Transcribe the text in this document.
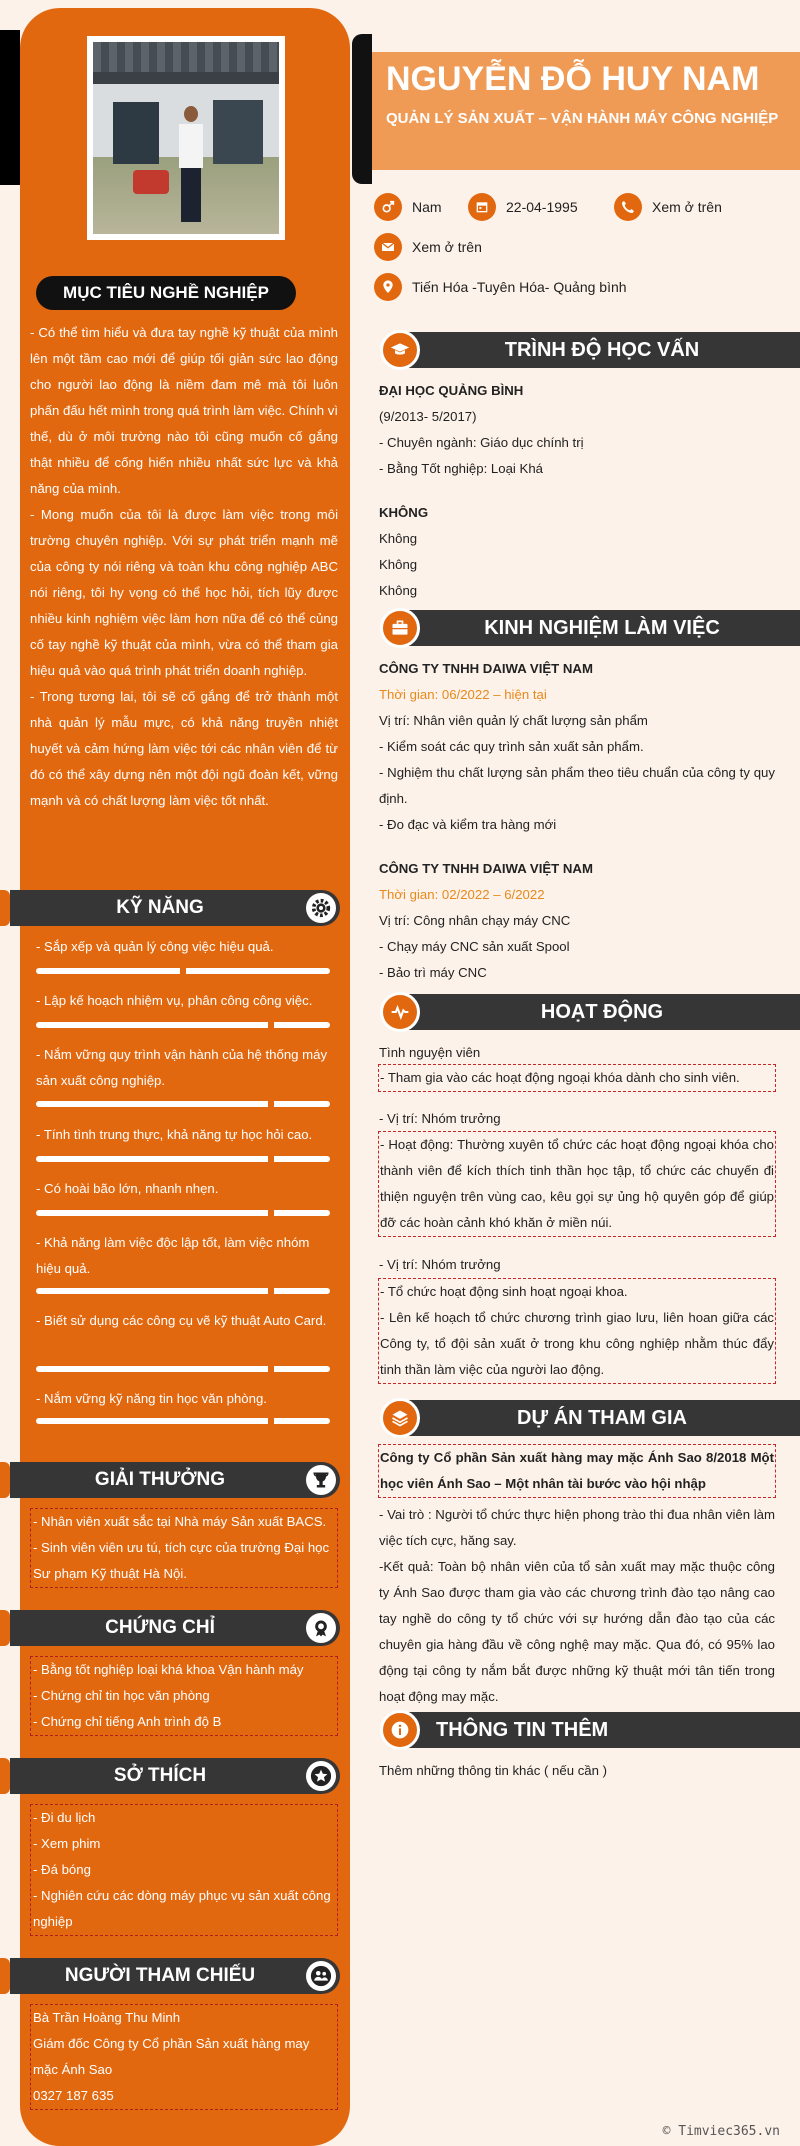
MỤC TIÊU NGHỀ NGHIỆP

- Có thể tìm hiểu và đưa tay nghề kỹ thuật của mình lên một tầm cao mới để giúp tối giản sức lao động cho người lao động là niềm đam mê mà tôi luôn phấn đấu hết mình trong quá trình làm việc. Chính vì thế, dù ở môi trường nào tôi cũng muốn cố gắng thật nhiều để cống hiến nhiều nhất sức lực và khả năng của mình.

- Mong muốn của tôi là được làm việc trong môi trường chuyên nghiệp. Với sự phát triển mạnh mẽ của công ty nói riêng và toàn khu công nghiệp ABC nói riêng, tôi hy vọng có thể học hỏi, tích lũy được nhiều kinh nghiệm việc làm hơn nữa để có thể củng cố tay nghề kỹ thuật của mình, vừa có thể tham gia hiệu quả vào quá trình phát triển doanh nghiệp.

- Trong tương lai, tôi sẽ cố gắng để trở thành một nhà quản lý mẫu mực, có khả năng truyền nhiệt huyết và cảm hứng làm việc tới các nhân viên để từ đó có thể xây dựng nên một đội ngũ đoàn kết, vững mạnh và có chất lượng làm việc tốt nhất.

KỸ NĂNG
- Sắp xếp và quản lý công việc hiệu quả.
- Lập kế hoạch nhiệm vụ, phân công công việc.
- Nắm vững quy trình vận hành của hệ thống máy sản xuất công nghiệp.
- Tính tình trung thực, khả năng tự học hỏi cao.
- Có hoài bão lớn, nhanh nhẹn.
- Khả năng làm việc độc lập tốt, làm việc nhóm hiệu quả.
- Biết sử dụng các công cụ vẽ kỹ thuật Auto Card.
- Nắm vững kỹ năng tin học văn phòng.
GIẢI THƯỞNG
- Nhân viên xuất sắc tại Nhà máy Sản xuất BACS.
- Sinh viên viên ưu tú, tích cực của trường Đại học Sư phạm Kỹ thuật Hà Nội.
CHỨNG CHỈ
- Bằng tốt nghiệp loại khá khoa Vận hành máy
- Chứng chỉ tin học văn phòng
- Chứng chỉ tiếng Anh trình độ B
SỞ THÍCH
- Đi du lịch
- Xem phim
- Đá bóng
- Nghiên cứu các dòng máy phục vụ sản xuất công nghiệp
NGƯỜI THAM CHIẾU
Bà Trần Hoàng Thu Minh
Giám đốc Công ty Cổ phần Sản xuất hàng may mặc Ánh Sao
0327 187 635
NGUYỄN ĐỖ HUY NAM
QUẢN LÝ SẢN XUẤT – VẬN HÀNH MÁY CÔNG NGHIỆP
Nam	22-04-1995	Xem ở trên
Xem ở trên
Tiến Hóa -Tuyên Hóa- Quảng bình
TRÌNH ĐỘ HỌC VẤN
ĐẠI HỌC QUẢNG BÌNH
(9/2013- 5/2017)
- Chuyên ngành: Giáo dục chính trị
- Bằng Tốt nghiệp: Loại Khá
KHÔNG
Không
Không
Không
KINH NGHIỆM LÀM VIỆC
CÔNG TY TNHH DAIWA VIỆT NAM
Thời gian: 06/2022 – hiện tại
Vị trí: Nhân viên quản lý chất lượng sản phẩm
- Kiểm soát các quy trình sản xuất sản phẩm.
- Nghiệm thu chất lượng sản phẩm theo tiêu chuẩn của công ty quy định.
- Đo đạc và kiểm tra hàng mới
CÔNG TY TNHH DAIWA VIỆT NAM
Thời gian: 02/2022 – 6/2022
Vị trí: Công nhân chạy máy CNC
- Chạy máy CNC sản xuất Spool
- Bảo trì máy CNC
HOẠT ĐỘNG
Tình nguyện viên
- Tham gia vào các hoạt động ngoại khóa dành cho sinh viên.
- Vị trí: Nhóm trưởng
- Hoạt động: Thường xuyên tổ chức các hoạt động ngoại khóa cho thành viên để kích thích tinh thần học tập, tổ chức các chuyến đi thiện nguyện trên vùng cao, kêu gọi sự ủng hộ quyên góp để giúp đỡ các hoàn cảnh khó khăn ở miền núi.
- Vị trí: Nhóm trưởng
- Tổ chức hoạt động sinh hoạt ngoại khoa.
- Lên kế hoạch tổ chức chương trình giao lưu, liên hoan giữa các Công ty, tổ đội sản xuất ở trong khu công nghiệp nhằm thúc đẩy tinh thần làm việc của người lao động.
DỰ ÁN THAM GIA
Công ty Cổ phần Sản xuất hàng may mặc Ánh Sao 8/2018 Một học viên Ánh Sao – Một nhân tài bước vào hội nhập
- Vai trò : Người tổ chức thực hiện phong trào thi đua nhân viên làm việc tích cực, hăng say.
-Kết quả: Toàn bộ nhân viên của tổ sản xuất may mặc thuộc công ty Ánh Sao được tham gia vào các chương trình đào tạo nâng cao tay nghề do công ty tổ chức với sự hướng dẫn đào tạo của các chuyên gia hàng đầu về công nghệ may mặc. Qua đó, có 95% lao động tại công ty nắm bắt được những kỹ thuật mới tân tiến trong hoạt động may mặc.
THÔNG TIN THÊM
Thêm những thông tin khác ( nếu cần )
© Timviec365.vn
